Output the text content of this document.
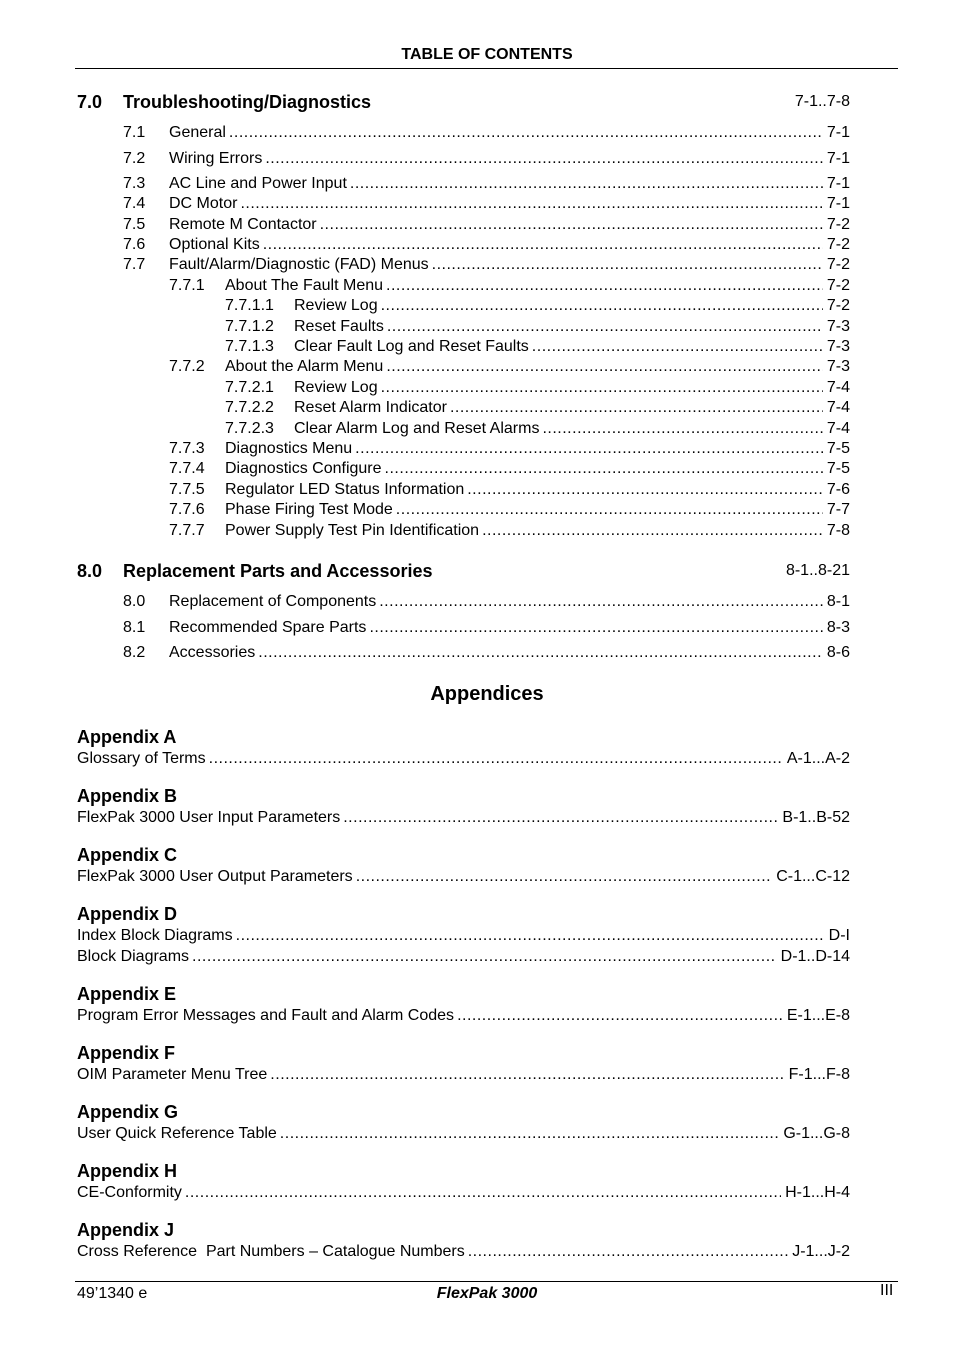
TABLE OF CONTENTS
7.0 Troubleshooting/Diagnostics	7-1..7-8
7.1 General .....	7-1
7.2 Wiring Errors .....	7-1
7.3 AC Line and Power Input .....	7-1
7.4 DC Motor .....	7-1
7.5 Remote M Contactor .....	7-2
7.6 Optional Kits .....	7-2
7.7 Fault/Alarm/Diagnostic (FAD) Menus .....	7-2
7.7.1 About The Fault Menu .....	7-2
7.7.1.1 Review Log .....	7-2
7.7.1.2 Reset Faults .....	7-3
7.7.1.3 Clear Fault Log and Reset Faults .....	7-3
7.7.2 About the Alarm Menu .....	7-3
7.7.2.1 Review Log .....	7-4
7.7.2.2 Reset Alarm Indicator .....	7-4
7.7.2.3 Clear Alarm Log and Reset Alarms .....	7-4
7.7.3 Diagnostics Menu .....	7-5
7.7.4 Diagnostics Configure .....	7-5
7.7.5 Regulator LED Status Information .....	7-6
7.7.6 Phase Firing Test Mode .....	7-7
7.7.7 Power Supply Test Pin Identification .....	7-8
8.0 Replacement Parts and Accessories	8-1..8-21
8.0 Replacement of Components .....	8-1
8.1 Recommended Spare Parts .....	8-3
8.2 Accessories .....	8-6
Appendices
Appendix A
Glossary of Terms .....	A-1...A-2
Appendix B
FlexPak 3000 User Input Parameters .....	B-1..B-52
Appendix C
FlexPak 3000 User Output Parameters .....	C-1...C-12
Appendix D
Index Block Diagrams .....	D-I
Block Diagrams .....	D-1..D-14
Appendix E
Program Error Messages and Fault and Alarm Codes .....	E-1...E-8
Appendix F
OIM Parameter Menu Tree .....	F-1...F-8
Appendix G
User Quick Reference Table .....	G-1...G-8
Appendix H
CE-Conformity .....	H-1...H-4
Appendix J
Cross Reference  Part Numbers – Catalogue Numbers .....	J-1...J-2
49’1340 e	FlexPak 3000	III
